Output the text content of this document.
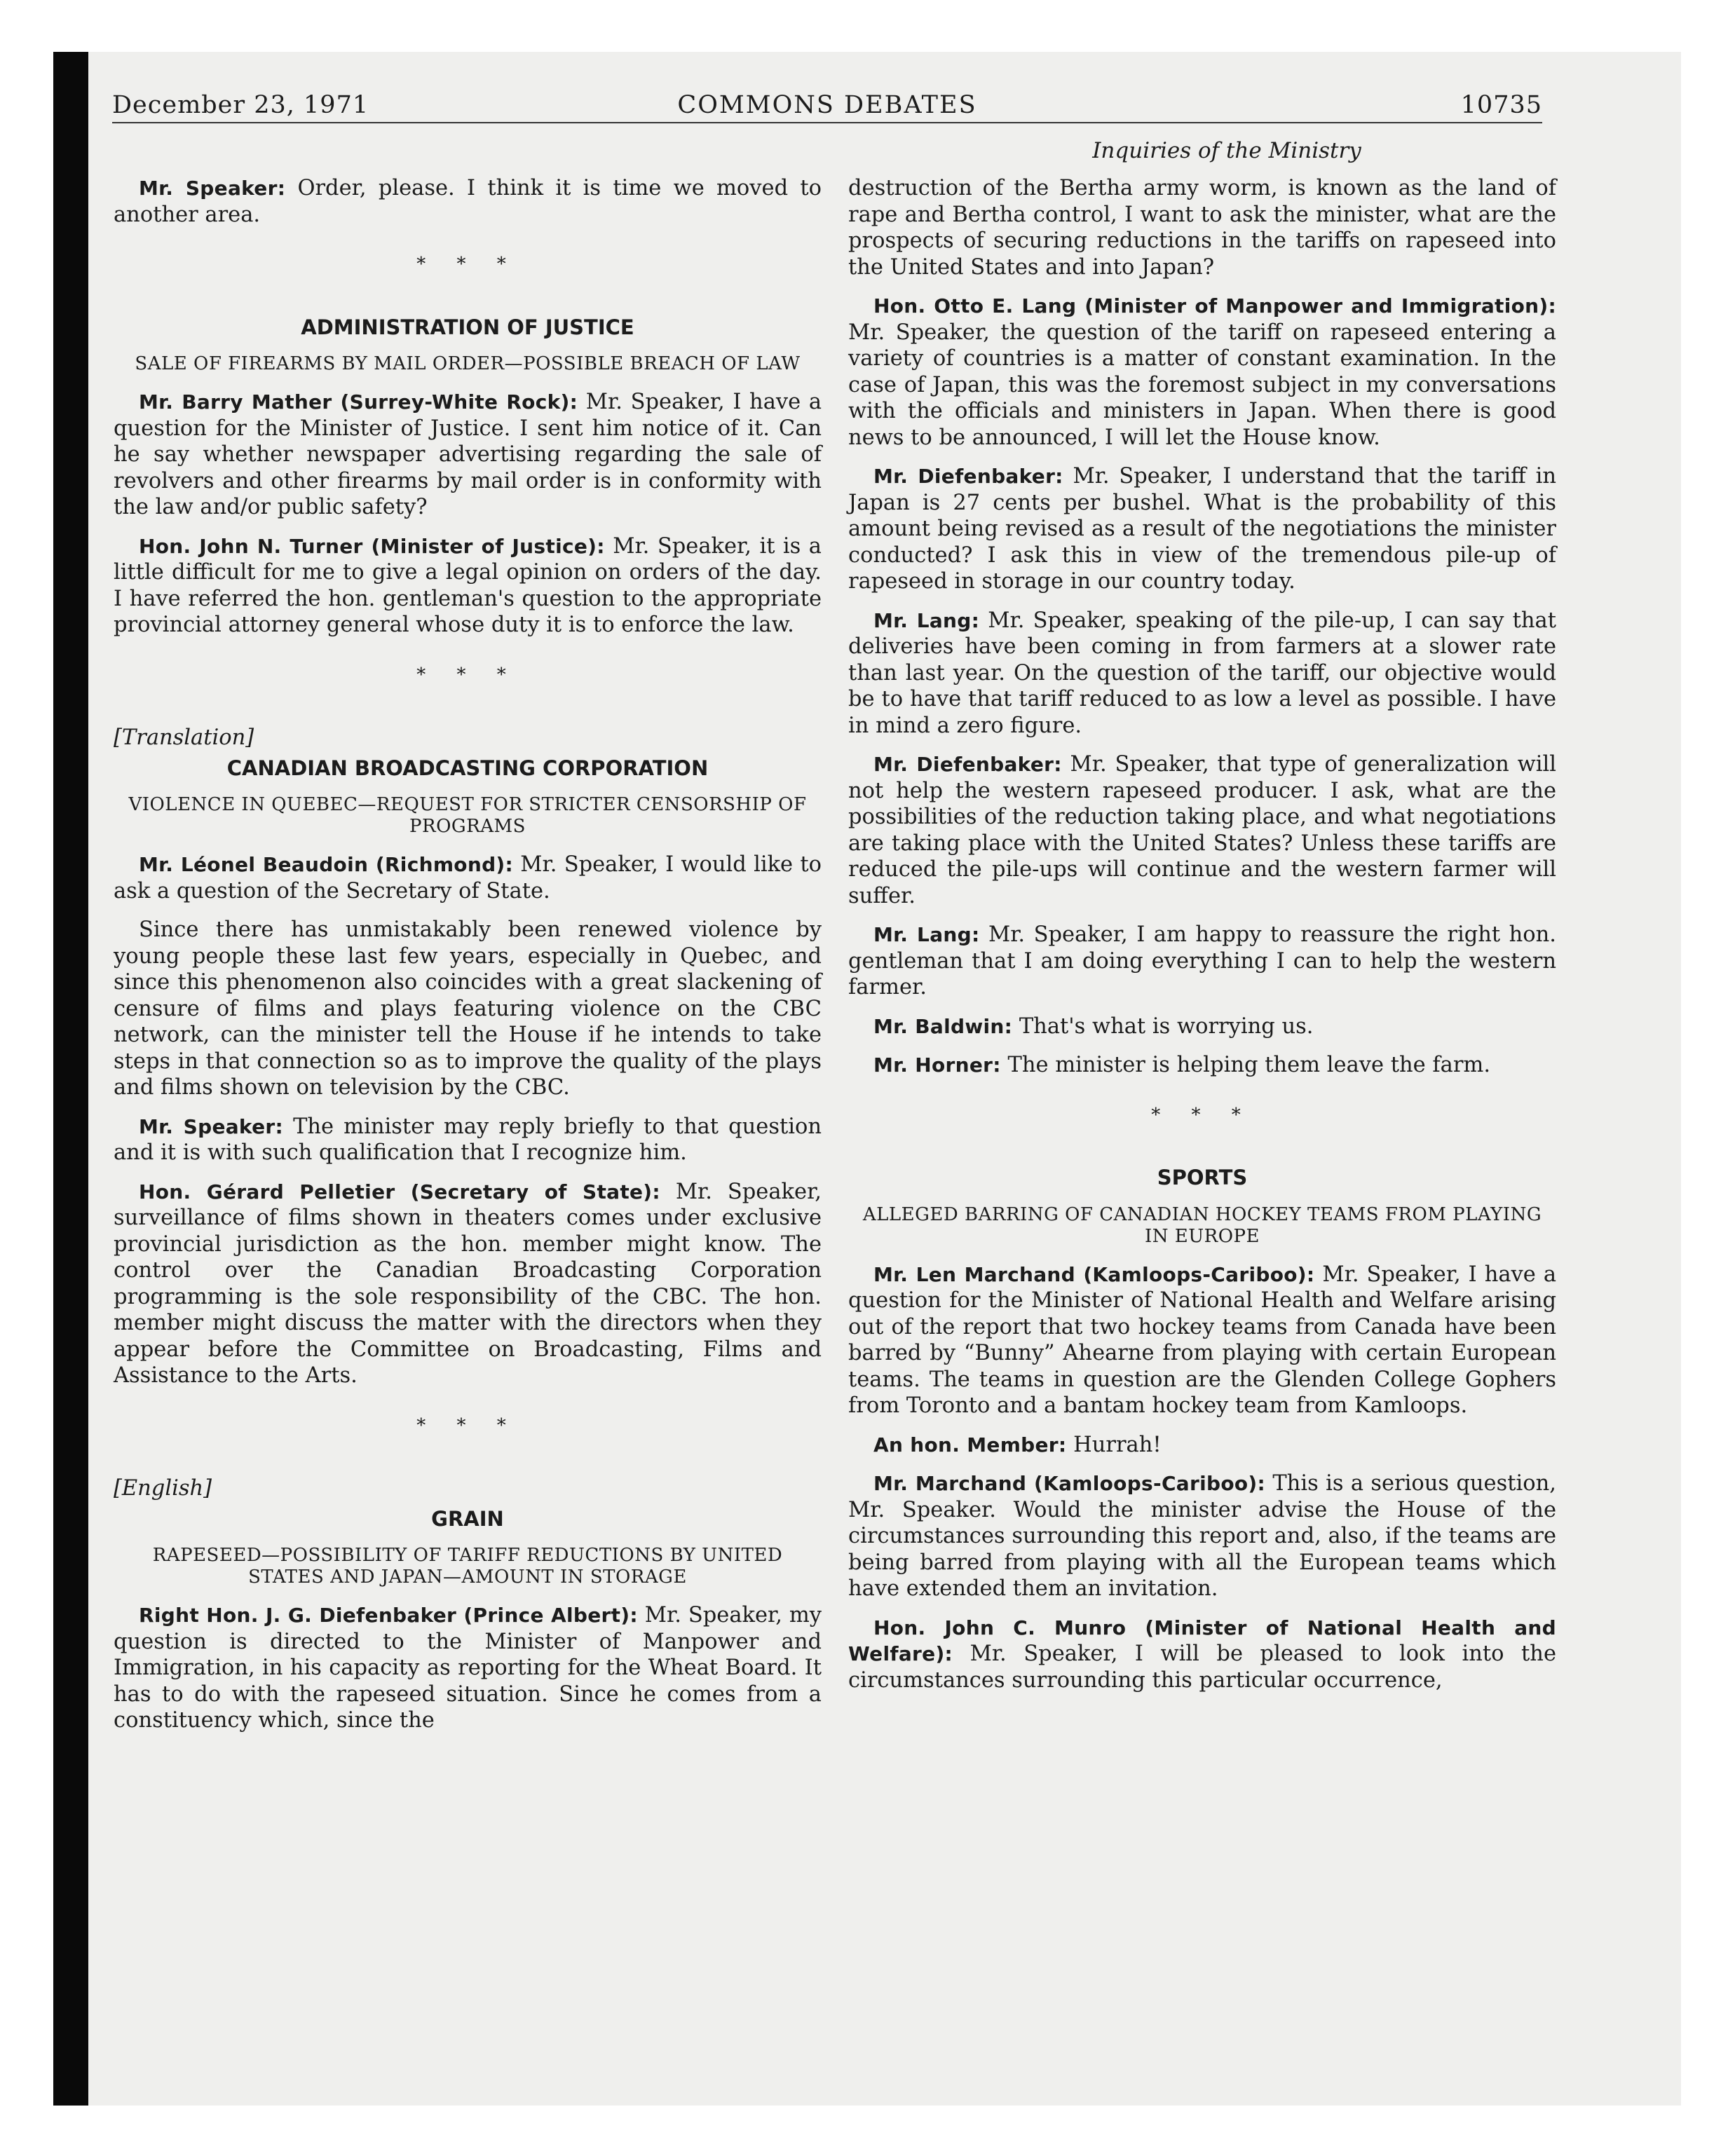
December 23, 1971	COMMONS DEBATES	10735
Inquiries of the Ministry

Mr. Speaker: Order, please. I think it is time we moved to another area.

* * *
ADMINISTRATION OF JUSTICE
SALE OF FIREARMS BY MAIL ORDER—POSSIBLE BREACH OF LAW

Mr. Barry Mather (Surrey-White Rock): Mr. Speaker, I have a question for the Minister of Justice. I sent him notice of it. Can he say whether newspaper advertising regarding the sale of revolvers and other firearms by mail order is in conformity with the law and/or public safety?

Hon. John N. Turner (Minister of Justice): Mr. Speaker, it is a little difficult for me to give a legal opinion on orders of the day. I have referred the hon. gentleman's question to the appropriate provincial attorney general whose duty it is to enforce the law.

* * *
[Translation]
CANADIAN BROADCASTING CORPORATION
VIOLENCE IN QUEBEC—REQUEST FOR STRICTER CENSORSHIP OF PROGRAMS

Mr. Léonel Beaudoin (Richmond): Mr. Speaker, I would like to ask a question of the Secretary of State.

Since there has unmistakably been renewed violence by young people these last few years, especially in Quebec, and since this phenomenon also coincides with a great slackening of censure of films and plays featuring violence on the CBC network, can the minister tell the House if he intends to take steps in that connection so as to improve the quality of the plays and films shown on television by the CBC.

Mr. Speaker: The minister may reply briefly to that question and it is with such qualification that I recognize him.

Hon. Gérard Pelletier (Secretary of State): Mr. Speaker, surveillance of films shown in theaters comes under exclusive provincial jurisdiction as the hon. member might know. The control over the Canadian Broadcasting Corporation programming is the sole responsibility of the CBC. The hon. member might discuss the matter with the directors when they appear before the Committee on Broadcasting, Films and Assistance to the Arts.

* * *
[English]
GRAIN
RAPESEED—POSSIBILITY OF TARIFF REDUCTIONS BY UNITED STATES AND JAPAN—AMOUNT IN STORAGE

Right Hon. J. G. Diefenbaker (Prince Albert): Mr. Speaker, my question is directed to the Minister of Manpower and Immigration, in his capacity as reporting for the Wheat Board. It has to do with the rapeseed situation. Since he comes from a constituency which, since the

destruction of the Bertha army worm, is known as the land of rape and Bertha control, I want to ask the minister, what are the prospects of securing reductions in the tariffs on rapeseed into the United States and into Japan?

Hon. Otto E. Lang (Minister of Manpower and Immigration): Mr. Speaker, the question of the tariff on rapeseed entering a variety of countries is a matter of constant examination. In the case of Japan, this was the foremost subject in my conversations with the officials and ministers in Japan. When there is good news to be announced, I will let the House know.

Mr. Diefenbaker: Mr. Speaker, I understand that the tariff in Japan is 27 cents per bushel. What is the probability of this amount being revised as a result of the negotiations the minister conducted? I ask this in view of the tremendous pile-up of rapeseed in storage in our country today.

Mr. Lang: Mr. Speaker, speaking of the pile-up, I can say that deliveries have been coming in from farmers at a slower rate than last year. On the question of the tariff, our objective would be to have that tariff reduced to as low a level as possible. I have in mind a zero figure.

Mr. Diefenbaker: Mr. Speaker, that type of generalization will not help the western rapeseed producer. I ask, what are the possibilities of the reduction taking place, and what negotiations are taking place with the United States? Unless these tariffs are reduced the pile-ups will continue and the western farmer will suffer.

Mr. Lang: Mr. Speaker, I am happy to reassure the right hon. gentleman that I am doing everything I can to help the western farmer.

Mr. Baldwin: That's what is worrying us.

Mr. Horner: The minister is helping them leave the farm.

* * *
SPORTS
ALLEGED BARRING OF CANADIAN HOCKEY TEAMS FROM PLAYING IN EUROPE

Mr. Len Marchand (Kamloops-Cariboo): Mr. Speaker, I have a question for the Minister of National Health and Welfare arising out of the report that two hockey teams from Canada have been barred by “Bunny” Ahearne from playing with certain European teams. The teams in question are the Glenden College Gophers from Toronto and a bantam hockey team from Kamloops.

An hon. Member: Hurrah!

Mr. Marchand (Kamloops-Cariboo): This is a serious question, Mr. Speaker. Would the minister advise the House of the circumstances surrounding this report and, also, if the teams are being barred from playing with all the European teams which have extended them an invitation.

Hon. John C. Munro (Minister of National Health and Welfare): Mr. Speaker, I will be pleased to look into the circumstances surrounding this particular occurrence,
